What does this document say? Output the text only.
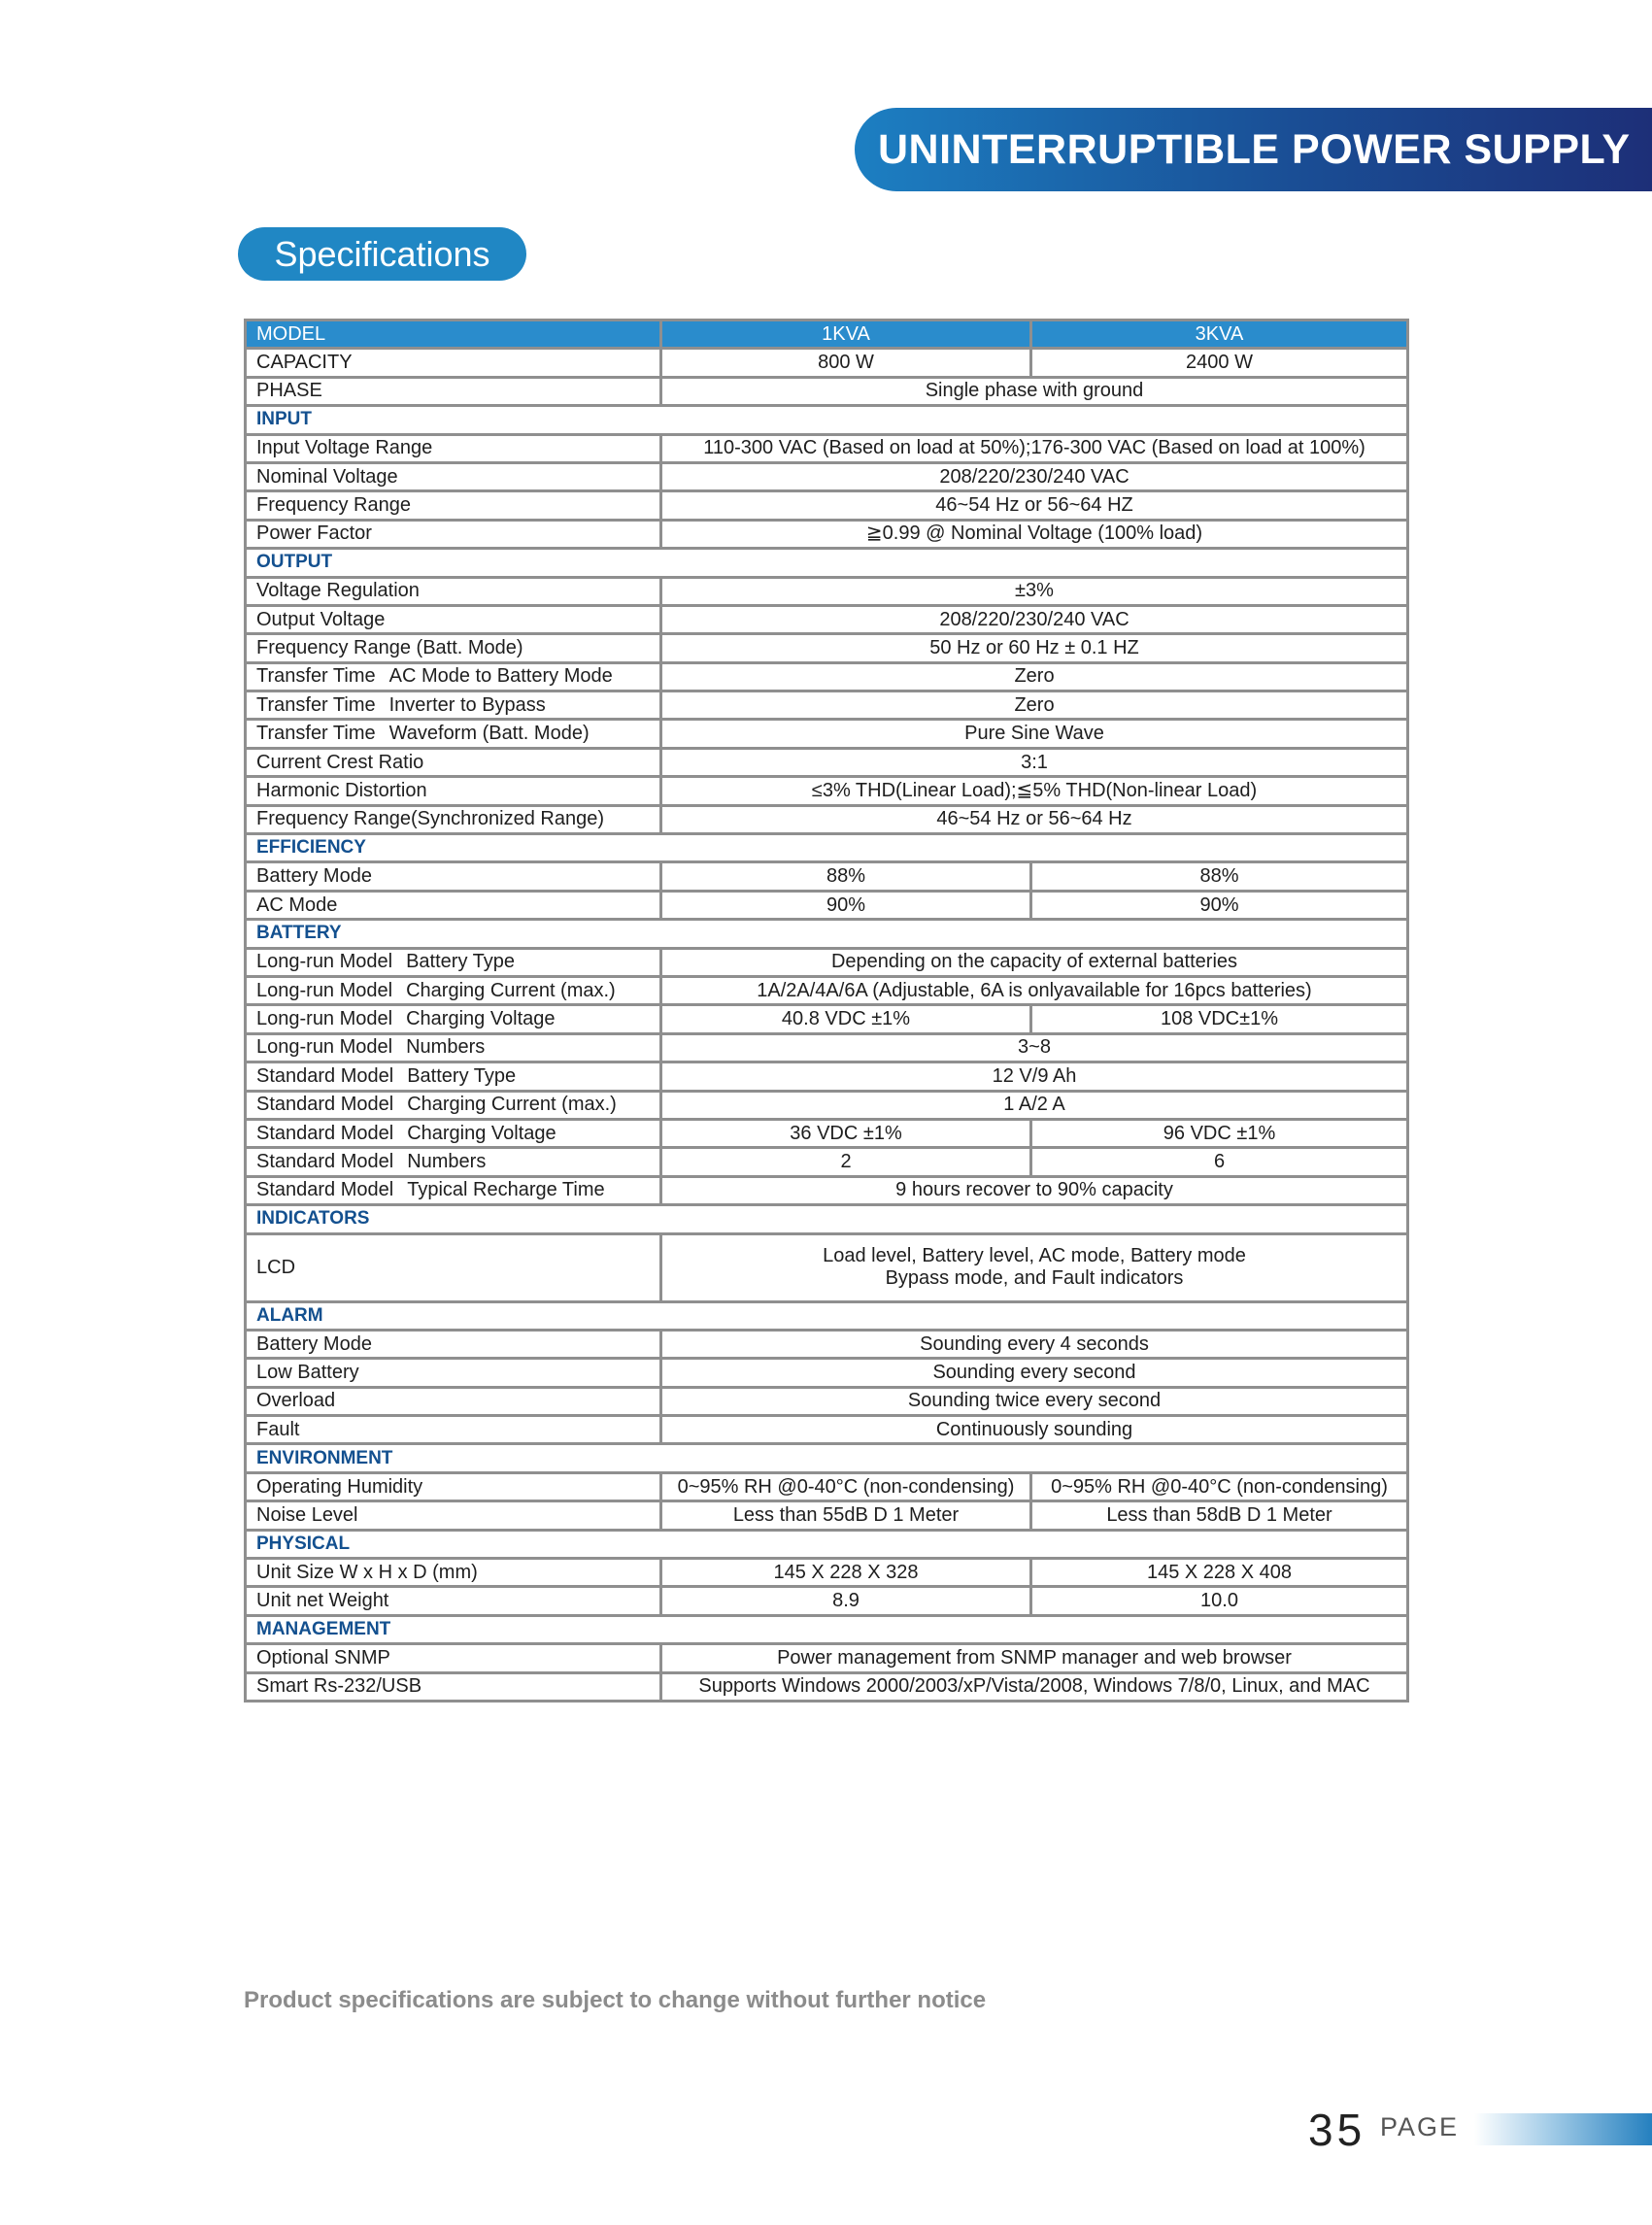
UNINTERRUPTIBLE POWER SUPPLY
Specifications
MODEL	1KVA	3KVA
CAPACITY	800 W	2400 W
PHASE	Single phase with ground	
INPUT		
Input Voltage Range	110-300 VAC (Based on load at 50%);176-300 VAC (Based on load at 100%)	
Nominal Voltage	208/220/230/240 VAC	
Frequency Range	46~54 Hz or 56~64 HZ	
Power Factor	≧0.99 @ Nominal Voltage (100% load)	
OUTPUT		
Voltage Regulation	±3%	
Output Voltage	208/220/230/240 VAC	
Frequency Range (Batt. Mode)	50 Hz or 60 Hz ± 0.1 HZ	
Transfer Time AC Mode to Battery Mode	Zero	
Transfer Time Inverter to Bypass	Zero	
Transfer Time Waveform (Batt. Mode)	Pure Sine Wave	
Current Crest Ratio	3:1	
Harmonic Distortion	≤3% THD(Linear Load);≦5% THD(Non-linear Load)	
Frequency Range(Synchronized Range)	46~54 Hz or 56~64 Hz	
EFFICIENCY		
Battery Mode	88%	88%
AC Mode	90%	90%
BATTERY		
Long-run Model Battery Type	Depending on the capacity of external batteries	
Long-run Model Charging Current (max.)	1A/2A/4A/6A (Adjustable, 6A is onlyavailable for 16pcs batteries)	
Long-run Model Charging Voltage	40.8 VDC ±1%	108 VDC±1%
Long-run Model Numbers	3~8	
Standard Model Battery Type	12 V/9 Ah	
Standard Model Charging Current (max.)	1 A/2 A	
Standard Model Charging Voltage	36 VDC ±1%	96 VDC ±1%
Standard Model Numbers	2	6
Standard Model Typical Recharge Time	9 hours recover to 90% capacity	
INDICATORS		
LCD	Load level, Battery level, AC mode, Battery mode
Bypass mode, and Fault indicators	

ALARM		
Battery Mode	Sounding every 4 seconds	
Low Battery	Sounding every second	
Overload	Sounding twice every second	
Fault	Continuously sounding	
ENVIRONMENT		
Operating Humidity	0~95% RH @0-40°C (non-condensing)	0~95% RH @0-40°C (non-condensing)
Noise Level	Less than 55dB D 1 Meter	Less than 58dB D 1 Meter
PHYSICAL		
Unit Size W x H x D (mm)	145 X 228 X 328	145 X 228 X 408
Unit net Weight	8.9	10.0
MANAGEMENT		
Optional SNMP	Power management from SNMP manager and web browser	
Smart Rs-232/USB	Supports Windows 2000/2003/xP/Vista/2008, Windows 7/8/0, Linux, and MAC	
Product specifications are subject to change without further notice
35 PAGE
